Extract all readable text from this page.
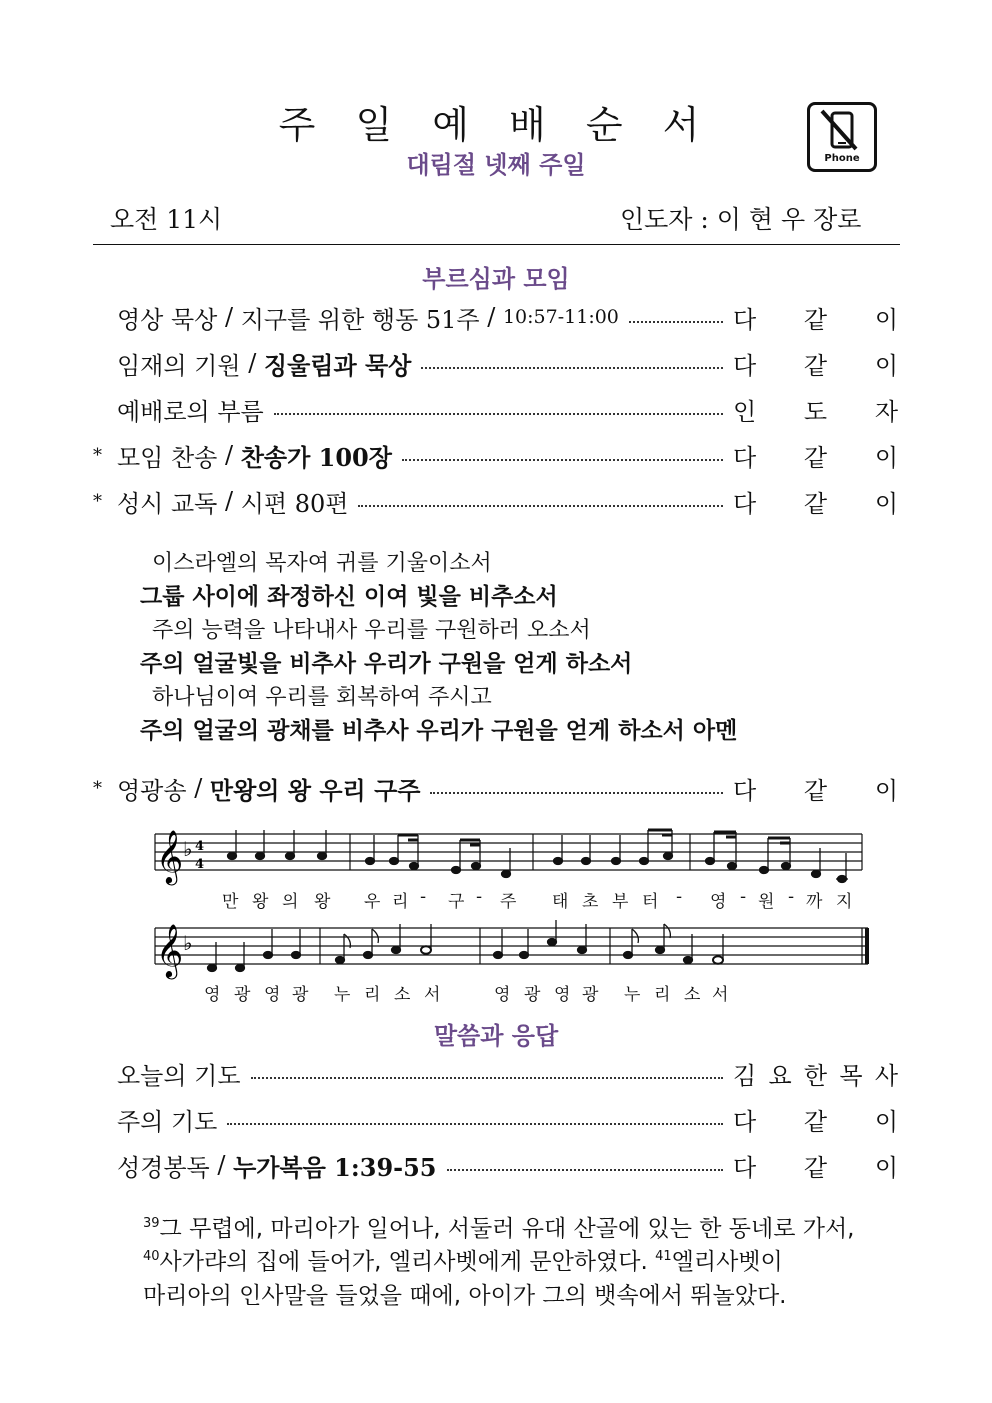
주 일 예 배 순 서
대림절 넷째 주일	Phone
오전 11시	인도자 : 이 현 우 장로
부르심과 모임
영상 묵상 / 지구를 위한 행동 51주 / 10:57-11:00	다 같 이
임재의 기원 / 징울림과 묵상	다 같 이
예배로의 부름	인 도 자
* 모임 찬송 / 찬송가 100장	다 같 이
* 성시 교독 / 시편 80편	다 같 이
이스라엘의 목자여 귀를 기울이소서
그룹 사이에 좌정하신 이여 빛을 비추소서
주의 능력을 나타내사 우리를 구원하러 오소서
주의 얼굴빛을 비추사 우리가 구원을 얻게 하소서
하나님이여 우리를 회복하여 주시고
주의 얼굴의 광채를 비추사 우리가 구원을 얻게 하소서 아멘
* 영광송 / 만왕의 왕 우리 구주	다 같 이
𝄞 ♭ 4
4
만 왕 의 왕 우 리 - 구 - 주 태 초 부 터 - 영 - 원 - 까 지
𝄞 ♭
영 광 영 광 누 리 소 서	영 광 영 광 누 리 소 서
말씀과 응답
오늘의 기도	김 요 한 목 사
주의 기도	다 같 이
성경봉독 / 누가복음 1:39-55	다 같 이
$^{39}$그 무렵에, 마리아가 일어나, 서둘러 유대 산골에 있는 한 동네로 가서,
$^{40}$사가랴의 집에 들어가, 엘리사벳에게 문안하였다. $^{41}$엘리사벳이
마리아의 인사말을 들었을 때에, 아이가 그의 뱃속에서 뛰놀았다.
